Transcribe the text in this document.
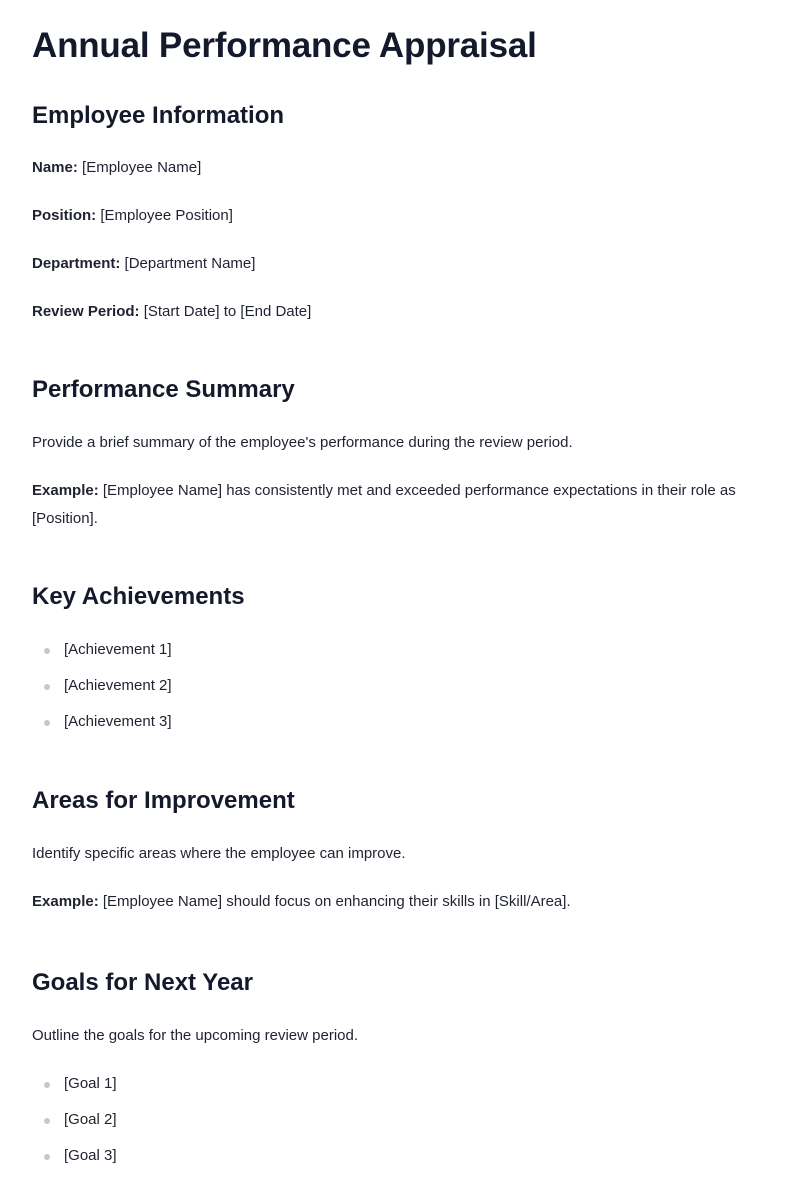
Annual Performance Appraisal
Employee Information

Name: [Employee Name]

Position: [Employee Position]

Department: [Department Name]

Review Period: [Start Date] to [End Date]

Performance Summary

Provide a brief summary of the employee's performance during the review period.

Example: [Employee Name] has consistently met and exceeded performance expectations in their role as [Position].

Key Achievements
[Achievement 1]
[Achievement 2]
[Achievement 3]
Areas for Improvement

Identify specific areas where the employee can improve.

Example: [Employee Name] should focus on enhancing their skills in [Skill/Area].

Goals for Next Year

Outline the goals for the upcoming review period.

[Goal 1]
[Goal 2]
[Goal 3]
